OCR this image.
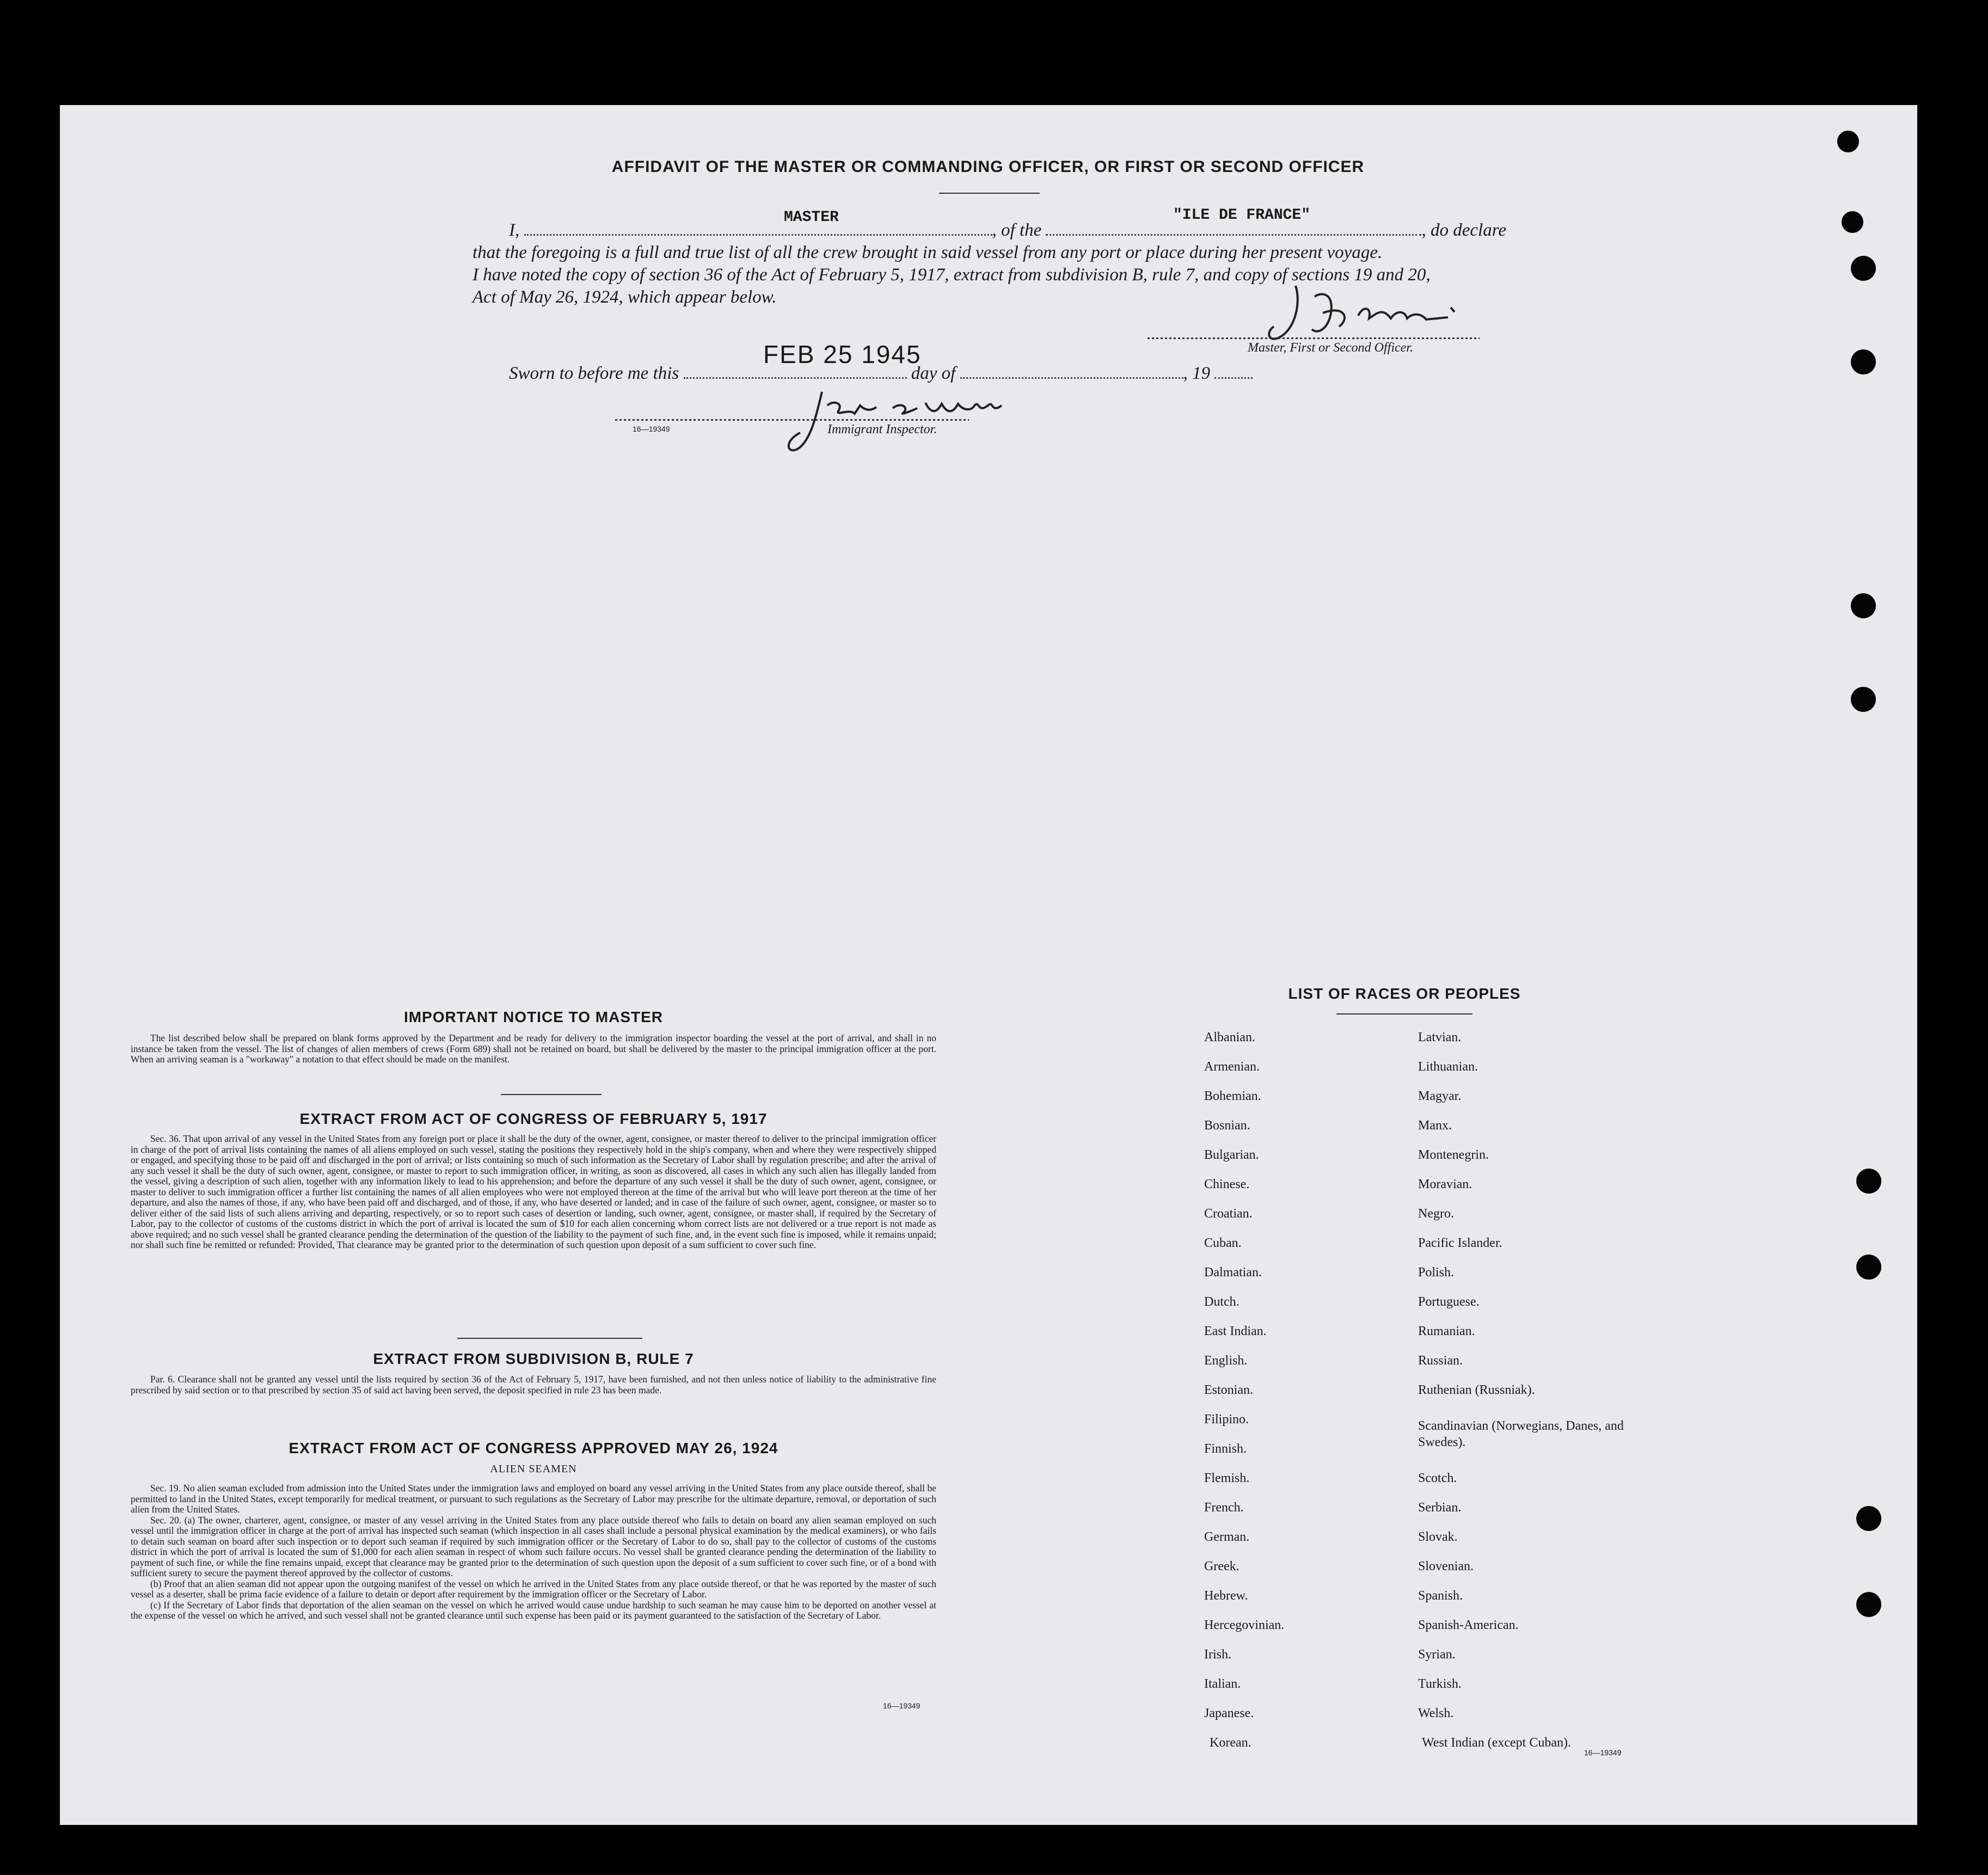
AFFIDAVIT OF THE MASTER OR COMMANDING OFFICER, OR FIRST OR SECOND OFFICER
I,	, of the	, do declare
MASTER	"ILE DE FRANCE"
that the foregoing is a full and true list of all the crew brought in said vessel from any port or place during her present voyage.
I have noted the copy of section 36 of the Act of February 5, 1917, extract from subdivision B, rule 7, and copy of sections 19 and 20,
Act of May 26, 1924, which appear below.
Master, First or Second Officer.
Sworn to before me this	day of	, 19
FEB 25 1945
16—19349	Immigrant Inspector.
IMPORTANT NOTICE TO MASTER

The list described below shall be prepared on blank forms approved by the Department and be ready for delivery to the immigration inspector boarding the vessel at the port of arrival, and shall in no instance be taken from the vessel. The list of changes of alien members of crews (Form 689) shall not be retained on board, but shall be delivered by the master to the principal immigration officer at the port. When an arriving seaman is a "workaway" a notation to that effect should be made on the manifest.

EXTRACT FROM ACT OF CONGRESS OF FEBRUARY 5, 1917

Sec. 36. That upon arrival of any vessel in the United States from any foreign port or place it shall be the duty of the owner, agent, consignee, or master thereof to deliver to the principal immigration officer in charge of the port of arrival lists containing the names of all aliens employed on such vessel, stating the positions they respectively hold in the ship's company, when and where they were respectively shipped or engaged, and specifying those to be paid off and discharged in the port of arrival; or lists containing so much of such information as the Secretary of Labor shall by regulation prescribe; and after the arrival of any such vessel it shall be the duty of such owner, agent, consignee, or master to report to such immigration officer, in writing, as soon as discovered, all cases in which any such alien has illegally landed from the vessel, giving a description of such alien, together with any information likely to lead to his apprehension; and before the departure of any such vessel it shall be the duty of such owner, agent, consignee, or master to deliver to such immigration officer a further list containing the names of all alien employees who were not employed thereon at the time of the arrival but who will leave port thereon at the time of her departure, and also the names of those, if any, who have been paid off and discharged, and of those, if any, who have deserted or landed; and in case of the failure of such owner, agent, consignee, or master so to deliver either of the said lists of such aliens arriving and departing, respectively, or so to report such cases of desertion or landing, such owner, agent, consignee, or master shall, if required by the Secretary of Labor, pay to the collector of customs of the customs district in which the port of arrival is located the sum of $10 for each alien concerning whom correct lists are not delivered or a true report is not made as above required; and no such vessel shall be granted clearance pending the determination of the question of the liability to the payment of such fine, and, in the event such fine is imposed, while it remains unpaid; nor shall such fine be remitted or refunded: Provided, That clearance may be granted prior to the determination of such question upon deposit of a sum sufficient to cover such fine.

EXTRACT FROM SUBDIVISION B, RULE 7

Par. 6. Clearance shall not be granted any vessel until the lists required by section 36 of the Act of February 5, 1917, have been furnished, and not then unless notice of liability to the administrative fine prescribed by said section or to that prescribed by section 35 of said act having been served, the deposit specified in rule 23 has been made.

EXTRACT FROM ACT OF CONGRESS APPROVED MAY 26, 1924
ALIEN SEAMEN

Sec. 19. No alien seaman excluded from admission into the United States under the immigration laws and employed on board any vessel arriving in the United States from any place outside thereof, shall be permitted to land in the United States, except temporarily for medical treatment, or pursuant to such regulations as the Secretary of Labor may prescribe for the ultimate departure, removal, or deportation of such alien from the United States.

Sec. 20. (a) The owner, charterer, agent, consignee, or master of any vessel arriving in the United States from any place outside thereof who fails to detain on board any alien seaman employed on such vessel until the immigration officer in charge at the port of arrival has inspected such seaman (which inspection in all cases shall include a personal physical examination by the medical examiners), or who fails to detain such seaman on board after such inspection or to deport such seaman if required by such immigration officer or the Secretary of Labor to do so, shall pay to the collector of customs of the customs district in which the port of arrival is located the sum of $1,000 for each alien seaman in respect of whom such failure occurs. No vessel shall be granted clearance pending the determination of the liability to payment of such fine, or while the fine remains unpaid, except that clearance may be granted prior to the determination of such question upon the deposit of a sum sufficient to cover such fine, or of a bond with sufficient surety to secure the payment thereof approved by the collector of customs.

(b) Proof that an alien seaman did not appear upon the outgoing manifest of the vessel on which he arrived in the United States from any place outside thereof, or that he was reported by the master of such vessel as a deserter, shall be prima facie evidence of a failure to detain or deport after requirement by the immigration officer or the Secretary of Labor.

(c) If the Secretary of Labor finds that deportation of the alien seaman on the vessel on which he arrived would cause undue hardship to such seaman he may cause him to be deported on another vessel at the expense of the vessel on which he arrived, and such vessel shall not be granted clearance until such expense has been paid or its payment guaranteed to the satisfaction of the Secretary of Labor.

16—19349
LIST OF RACES OR PEOPLES
Albanian.
Armenian.
Bohemian.
Bosnian.
Bulgarian.
Chinese.
Croatian.
Cuban.
Dalmatian.
Dutch.
East Indian.
English.
Estonian.
Filipino.
Finnish.
Flemish.
French.
German.
Greek.
Hebrew.
Hercegovinian.
Irish.
Italian.
Japanese.
Korean.
Latvian.
Lithuanian.
Magyar.
Manx.
Montenegrin.
Moravian.
Negro.
Pacific Islander.
Polish.
Portuguese.
Rumanian.
Russian.
Ruthenian (Russniak).
Scandinavian (Norwegians, Danes, and Swedes).
Scotch.
Serbian.
Slovak.
Slovenian.
Spanish.
Spanish-American.
Syrian.
Turkish.
Welsh.
West Indian (except Cuban).
16—19349
